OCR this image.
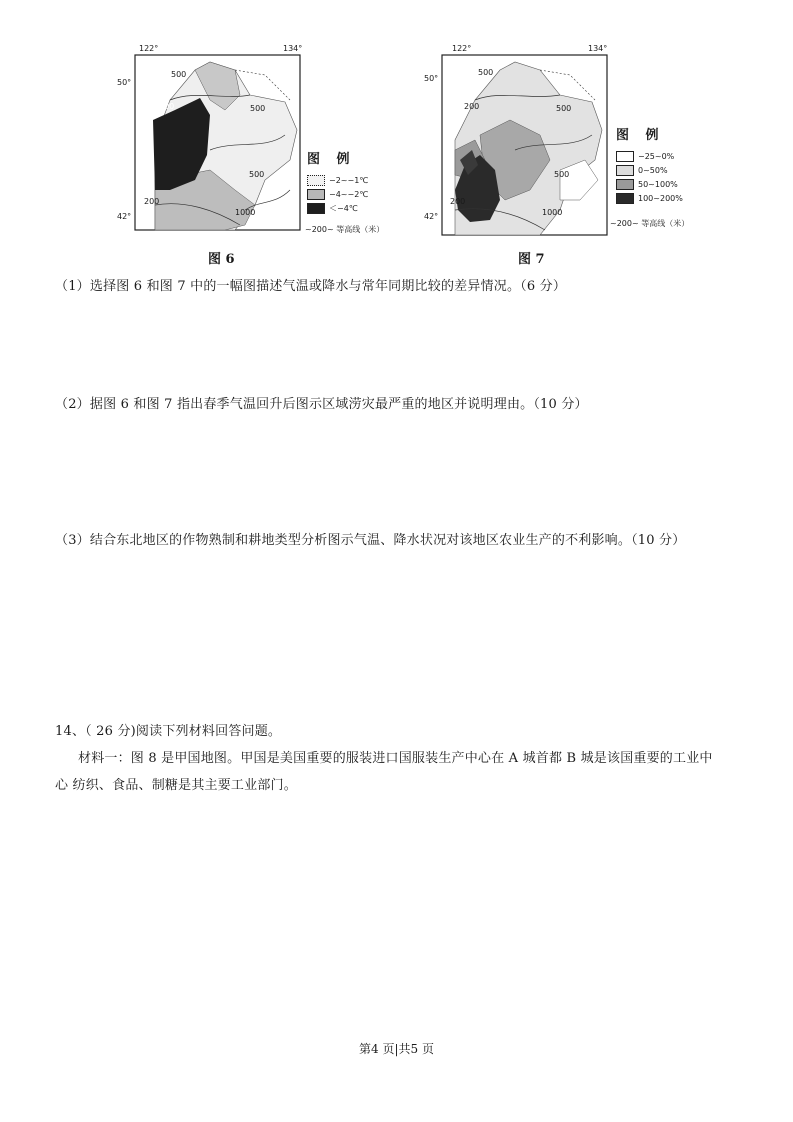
122°	134°
50°
42°
500
200	500
500
200
1000
图 例
−2~−1℃
−4~−2℃
＜−4℃
~200~ 等高线（米）
图 6
122°	134°
50°
42°
500
200	500
500
200
1000
图 例
−25~0%
0~50%
50~100%
100~200%
~200~ 等高线（米）
图 7
（1）选择图 6 和图 7 中的一幅图描述气温或降水与常年同期比较的差异情况。（6 分）
（2）据图 6 和图 7 指出春季气温回升后图示区域涝灾最严重的地区并说明理由。（10 分）
（3）结合东北地区的作物熟制和耕地类型分析图示气温、降水状况对该地区农业生产的不利影响。（10 分）
14、（ 26 分)阅读下列材料回答问题。
材料一：图 8 是甲国地图。甲国是美国重要的服装进口国服装生产中心在 A 城首都 B 城是该国重要的工业中
心 纺织、食品、制糖是其主要工业部门。
第4 页|共5 页
